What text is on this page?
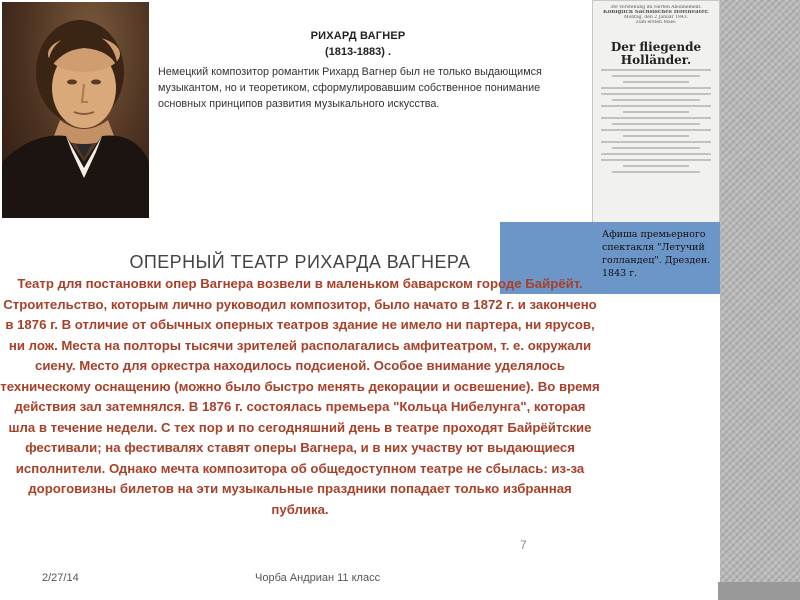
РИХАРД ВАГНЕР
(1813-1883) .
Немецкий композитор романтик Рихард Вагнер был не только выдающимся музыкантом, но и теоретиком, сформулировавшим собственное понимание основных принципов развития музыкального искусства.
3te Vorstellung im vierten Abonnement.
Königlich Sächsisches Hoftheater.
Montag, den 2 Januar 1843.
Zum ersten Male:
Der fliegende Holländer.
Афиша премьерного спектакля "Летучий голландец". Дрезден. 1843 г.
ОПЕРНЫЙ ТЕАТР РИХАРДА ВАГНЕРА
Театр для постановки опер Вагнера возвели в маленьком баварском городе Байрёйт. Строительство, которым лично руководил композитор, было начато в 1872 г. и закончено в 1876 г. В отличие от обычных оперных театров здание не имело ни партера, ни ярусов, ни лож. Места на полторы тысячи зрителей располагались амфитеатром, т. е. окружали сиену. Место для оркестра находилось подсиеной. Особое внимание уделялось техническому оснащению (можно было быстро менять декорации и освешение). Во время действия зал затемнялся. В 1876 г. состоялась премьера "Кольца Нибелунга", которая шла в течение недели. С тех пор и по сегодняшний день в театре проходят Байрёйтские фестивали; на фестивалях ставят оперы Вагнера, и в них участву ют выдающиеся исполнители. Однако мечта композитора об общедоступном театре не сбылась: из-за дороговизны билетов на эти музыкальные праздники попадает только избранная публика.
7
2/27/14	Чорба Андриан 11 класс
